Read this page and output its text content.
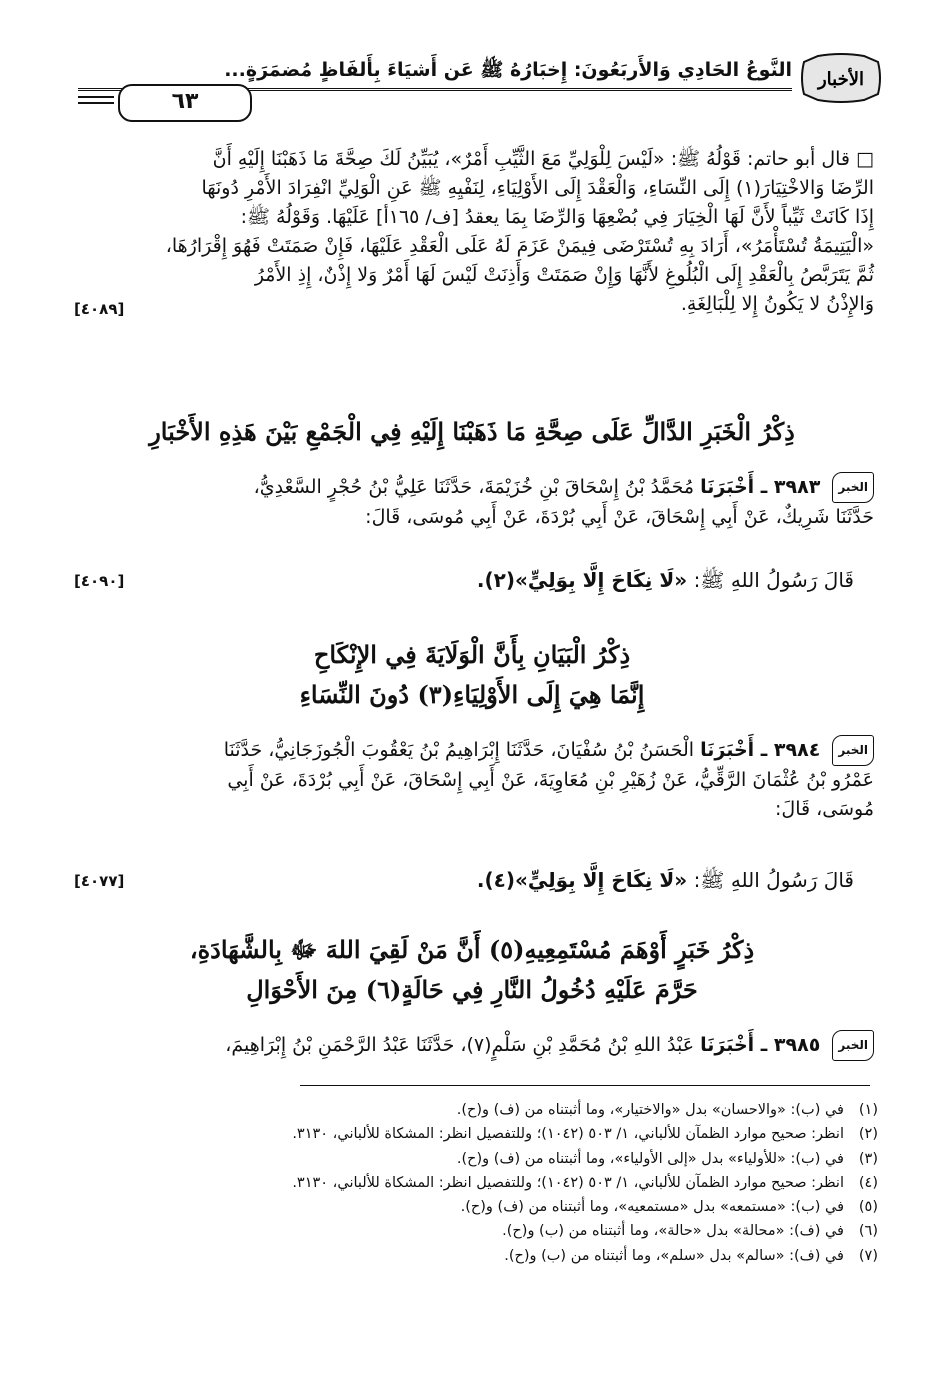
الأخبار
النَّوعُ الحَادِي وَالأَربَعُونَ: إِخبَارُهُ ﷺ عَن أَشيَاءَ بِأَلفَاظٍ مُضمَرَةٍ...
٦٣
□ قال أبو حاتم: قَوْلُهُ ﷺ: «لَيْسَ لِلْوَلِيِّ مَعَ الثَّيِّبِ أَمْرٌ»، يُبَيِّنُ لَكَ صِحَّةَ مَا ذَهَبْنَا إِلَيْهِ أَنَّ
الرِّضَا وَالاخْتِيَارَ(١) إِلَى النِّسَاءِ، وَالْعَقْدَ إِلَى الأَوْلِيَاءِ، لِنَفْيِهِ ﷺ عَنِ الْوَلِيِّ انْفِرَادَ الأَمْرِ دُونَهَا
إِذَا كَانَتْ ثَيِّباً لأَنَّ لَهَا الْخِيَارَ فِي بُضْعِهَا وَالرِّضَا بِمَا يعقدُ [ف/ ١٦٥أ] عَلَيْهَا. وَقَوْلُهُ ﷺ:
«الْيَتِيمَةُ تُسْتَأْمَرُ»، أَرَادَ بِهِ تُسْتَرْضَى فِيمَنْ عَزَمَ لَهُ عَلَى الْعَقْدِ عَلَيْهَا، فَإِنْ صَمَتَتْ فَهُوَ إِقْرَارُهَا،
ثُمَّ يَتَرَبَّصُ بِالْعَقْدِ إِلَى الْبُلُوغِ لأَنَّهَا وَإِنْ صَمَتَتْ وَأَذِنَتْ لَيْسَ لَهَا أَمْرٌ وَلا إِذْنٌ، إِذِ الأَمْرُ
وَالإِذْنُ لا يَكُونُ إِلا لِلْبَالِغَةِ.
[٤٠٨٩]
ذِكْرُ الْخَبَرِ الدَّالِّ عَلَى صِحَّةِ مَا ذَهَبْنَا إِلَيْهِ فِي الْجَمْعِ بَيْنَ هَذِهِ الأَخْبَارِ
الخبر ٣٩٨٣ ـ أَخْبَرَنَا مُحَمَّدُ بْنُ إِسْحَاقَ بْنِ خُزَيْمَةَ، حَدَّثَنَا عَلِيُّ بْنُ حُجْرٍ السَّعْدِيُّ،
حَدَّثَنَا شَرِيكٌ، عَنْ أَبِي إِسْحَاقَ، عَنْ أَبِي بُرْدَةَ، عَنْ أَبِي مُوسَى، قَالَ:
قَالَ رَسُولُ اللهِ ﷺ: «لَا نِكَاحَ إِلَّا بِوَلِيٍّ»(٢).
[٤٠٩٠]
ذِكْرُ الْبَيَانِ بِأَنَّ الْوَلَايَةَ فِي الإِنْكَاحِ
إِنَّمَا هِيَ إِلَى الأَوْلِيَاءِ(٣) دُونَ النِّسَاءِ
الخبر ٣٩٨٤ ـ أَخْبَرَنَا الْحَسَنُ بْنُ سُفْيَانَ، حَدَّثَنَا إِبْرَاهِيمُ بْنُ يَعْقُوبَ الْجُوزَجَانِيُّ، حَدَّثَنَا
عَمْرُو بْنُ عُثْمَانَ الرَّقِّيُّ، عَنْ زُهَيْرِ بْنِ مُعَاوِيَةَ، عَنْ أَبِي إِسْحَاقَ، عَنْ أَبِي بُرْدَةَ، عَنْ أَبِي
مُوسَى، قَالَ:
قَالَ رَسُولُ اللهِ ﷺ: «لَا نِكَاحَ إِلَّا بِوَلِيٍّ»(٤).
[٤٠٧٧]
ذِكْرُ خَبَرٍ أَوْهَمَ مُسْتَمِعِيهِ(٥) أَنَّ مَنْ لَقِيَ اللهَ ﷻ بِالشَّهَادَةِ،
حَرَّمَ عَلَيْهِ دُخُولُ النَّارِ فِي حَالَةٍ(٦) مِنَ الأَحْوَالِ
الخبر ٣٩٨٥ ـ أَخْبَرَنَا عَبْدُ اللهِ بْنُ مُحَمَّدِ بْنِ سَلْمٍ(٧)، حَدَّثَنَا عَبْدُ الرَّحْمَنِ بْنُ إِبْرَاهِيمَ،
(١)
في (ب): «والاحسان» بدل «والاختيار»، وما أثبتناه من (ف) و(ح).
(٢)
انظر: صحيح موارد الظمآن للألباني، ١/ ٥٠٣ (١٠٤٢)؛ وللتفصيل انظر: المشكاة للألباني، ٣١٣٠.
(٣)
في (ب): «للأولياء» بدل «إلى الأولياء»، وما أثبتناه من (ف) و(ح).
(٤)
انظر: صحيح موارد الظمآن للألباني، ١/ ٥٠٣ (١٠٤٢)؛ وللتفصيل انظر: المشكاة للألباني، ٣١٣٠.
(٥)
في (ب): «مستمعه» بدل «مستمعيه»، وما أثبتناه من (ف) و(ح).
(٦)
في (ف): «محالة» بدل «حالة»، وما أثبتناه من (ب) و(ح).
(٧)
في (ف): «سالم» بدل «سلم»، وما أثبتناه من (ب) و(ح).
